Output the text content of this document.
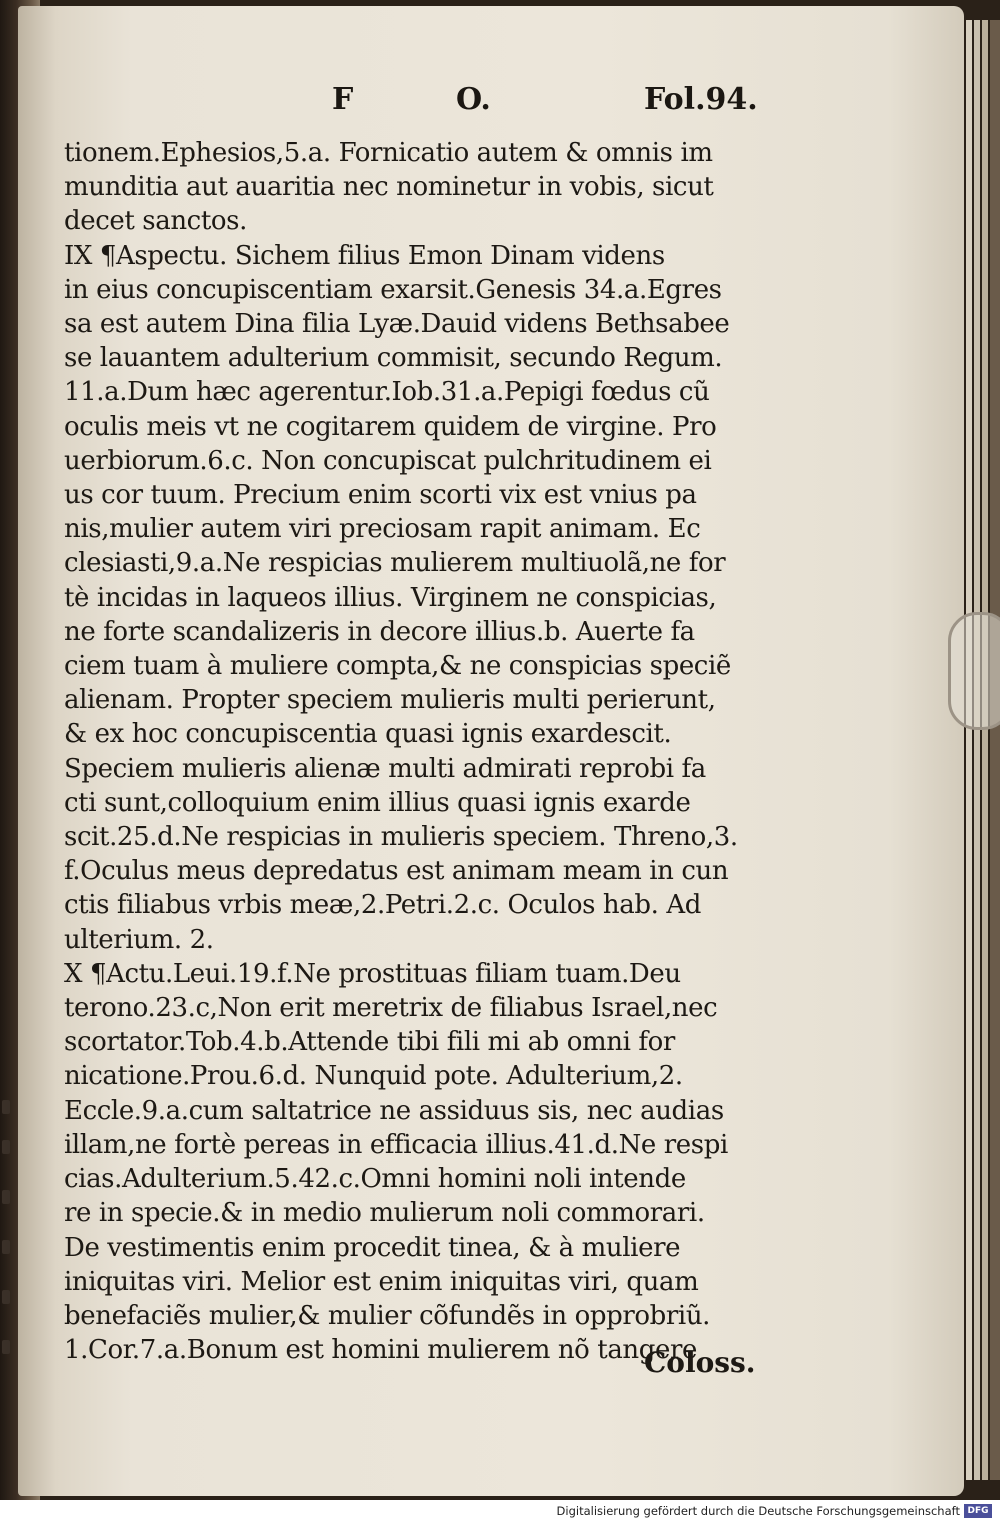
F	O.	Fol.94.
tionem.Ephesios,5.a. Fornicatio autem & omnis im
munditia aut auaritia nec nominetur in vobis, sicut
decet sanctos.
IX ¶Aspectu. Sichem filius Emon Dinam videns
in eius concupiscentiam exarsit.Genesis 34.a.Egres
sa est autem Dina filia Lyæ.Dauid videns Bethsabee
se lauantem adulterium commisit, secundo Regum.
11.a.Dum hæc agerentur.Iob.31.a.Pepigi fœdus cũ
oculis meis vt ne cogitarem quidem de virgine. Pro
uerbiorum.6.c. Non concupiscat pulchritudinem ei
us cor tuum. Precium enim scorti vix est vnius pa
nis,mulier autem viri preciosam rapit animam. Ec
clesiasti,9.a.Ne respicias mulierem multiuolã,ne for
tè incidas in laqueos illius. Virginem ne conspicias,
ne forte scandalizeris in decore illius.b. Auerte fa
ciem tuam à muliere compta,& ne conspicias speciẽ
alienam. Propter speciem mulieris multi perierunt,
& ex hoc concupiscentia quasi ignis exardescit.
Speciem mulieris alienæ multi admirati reprobi fa
cti sunt,colloquium enim illius quasi ignis exarde
scit.25.d.Ne respicias in mulieris speciem. Threno,3.
f.Oculus meus depredatus est animam meam in cun
ctis filiabus vrbis meæ,2.Petri.2.c. Oculos hab. Ad
ulterium. 2.
X ¶Actu.Leui.19.f.Ne prostituas filiam tuam.Deu
terono.23.c,Non erit meretrix de filiabus Israel,nec
scortator.Tob.4.b.Attende tibi fili mi ab omni for
nicatione.Prou.6.d. Nunquid pote. Adulterium,2.
Eccle.9.a.cum saltatrice ne assiduus sis, nec audias
illam,ne fortè pereas in efficacia illius.41.d.Ne respi
cias.Adulterium.5.42.c.Omni homini noli intende
re in specie.& in medio mulierum noli commorari.
De vestimentis enim procedit tinea, & à muliere
iniquitas viri. Melior est enim iniquitas viri, quam
benefaciẽs mulier,& mulier cõfundẽs in opprobriũ.
1.Cor.7.a.Bonum est homini mulierem nõ tangere
Coloss.
Digitalisierung gefördert durch die Deutsche Forschungsgemeinschaft DFG
